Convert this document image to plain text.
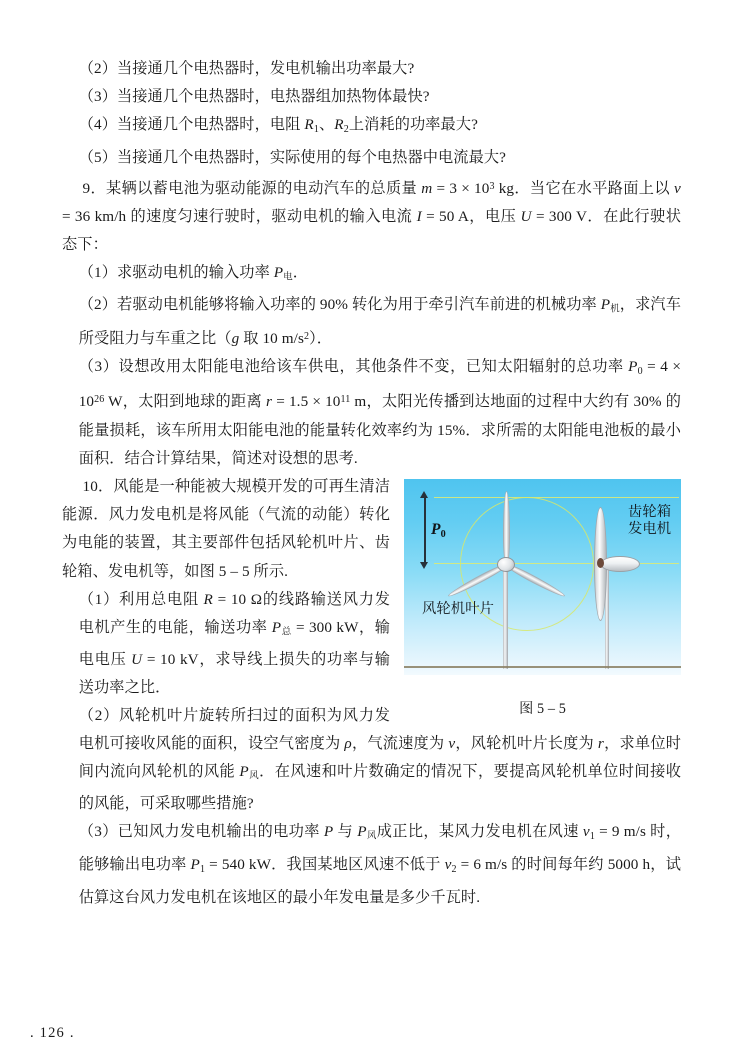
（2）当接通几个电热器时，发电机输出功率最大?

（3）当接通几个电热器时，电热器组加热物体最快?

（4）当接通几个电热器时，电阻 $R_1$、$R_2$上消耗的功率最大?

（5）当接通几个电热器时，实际使用的每个电热器中电流最大?

9．某辆以蓄电池为驱动能源的电动汽车的总质量 $m = 3 \times 10^3$ kg．当它在水平路面上以 v = 36 km/h 的速度匀速行驶时，驱动电机的输入电流 I = 50 A，电压 U = 300 V．在此行驶状态下：

（1）求驱动电机的输入功率 P电．

（2）若驱动电机能够将输入功率的 90% 转化为用于牵引汽车前进的机械功率 P机，求汽车所受阻力与车重之比（g 取 10 $m/s^2$）．

（3）设想改用太阳能电池给该车供电，其他条件不变，已知太阳辐射的总功率 $P_0 = 4 \times 10^{26}$ W，太阳到地球的距离 $r = 1.5 \times 10^{11}$ m，太阳光传播到达地面的过程中大约有 30% 的能量损耗，该车所用太阳能电池的能量转化效率约为 15%．求所需的太阳能电池板的最小面积．结合计算结果，简述对设想的思考.

$P_0$
齿轮箱
发电机
风轮机叶片
图 5 – 5

10．风能是一种能被大规模开发的可再生清洁能源．风力发电机是将风能（气流的动能）转化为电能的装置，其主要部件包括风轮机叶片、齿轮箱、发电机等，如图 5 – 5 所示.

（1）利用总电阻 R = 10 Ω的线路输送风力发电机产生的电能，输送功率 P总 = 300 kW，输电电压 U = 10 kV，求导线上损失的功率与输送功率之比．

（2）风轮机叶片旋转所扫过的面积为风力发电机可接收风能的面积，设空气密度为 ρ，气流速度为 v，风轮机叶片长度为 r，求单位时间内流向风轮机的风能 P风．在风速和叶片数确定的情况下，要提高风轮机单位时间接收的风能，可采取哪些措施?

（3）已知风力发电机输出的电功率 P 与 P风成正比，某风力发电机在风速 $v_1 = 9$ m/s 时，能够输出电功率 $P_1 = 540$ kW．我国某地区风速不低于 $v_2 = 6$ m/s 的时间每年约 5000 h，试估算这台风力发电机在该地区的最小年发电量是多少千瓦时.

. 126 .
